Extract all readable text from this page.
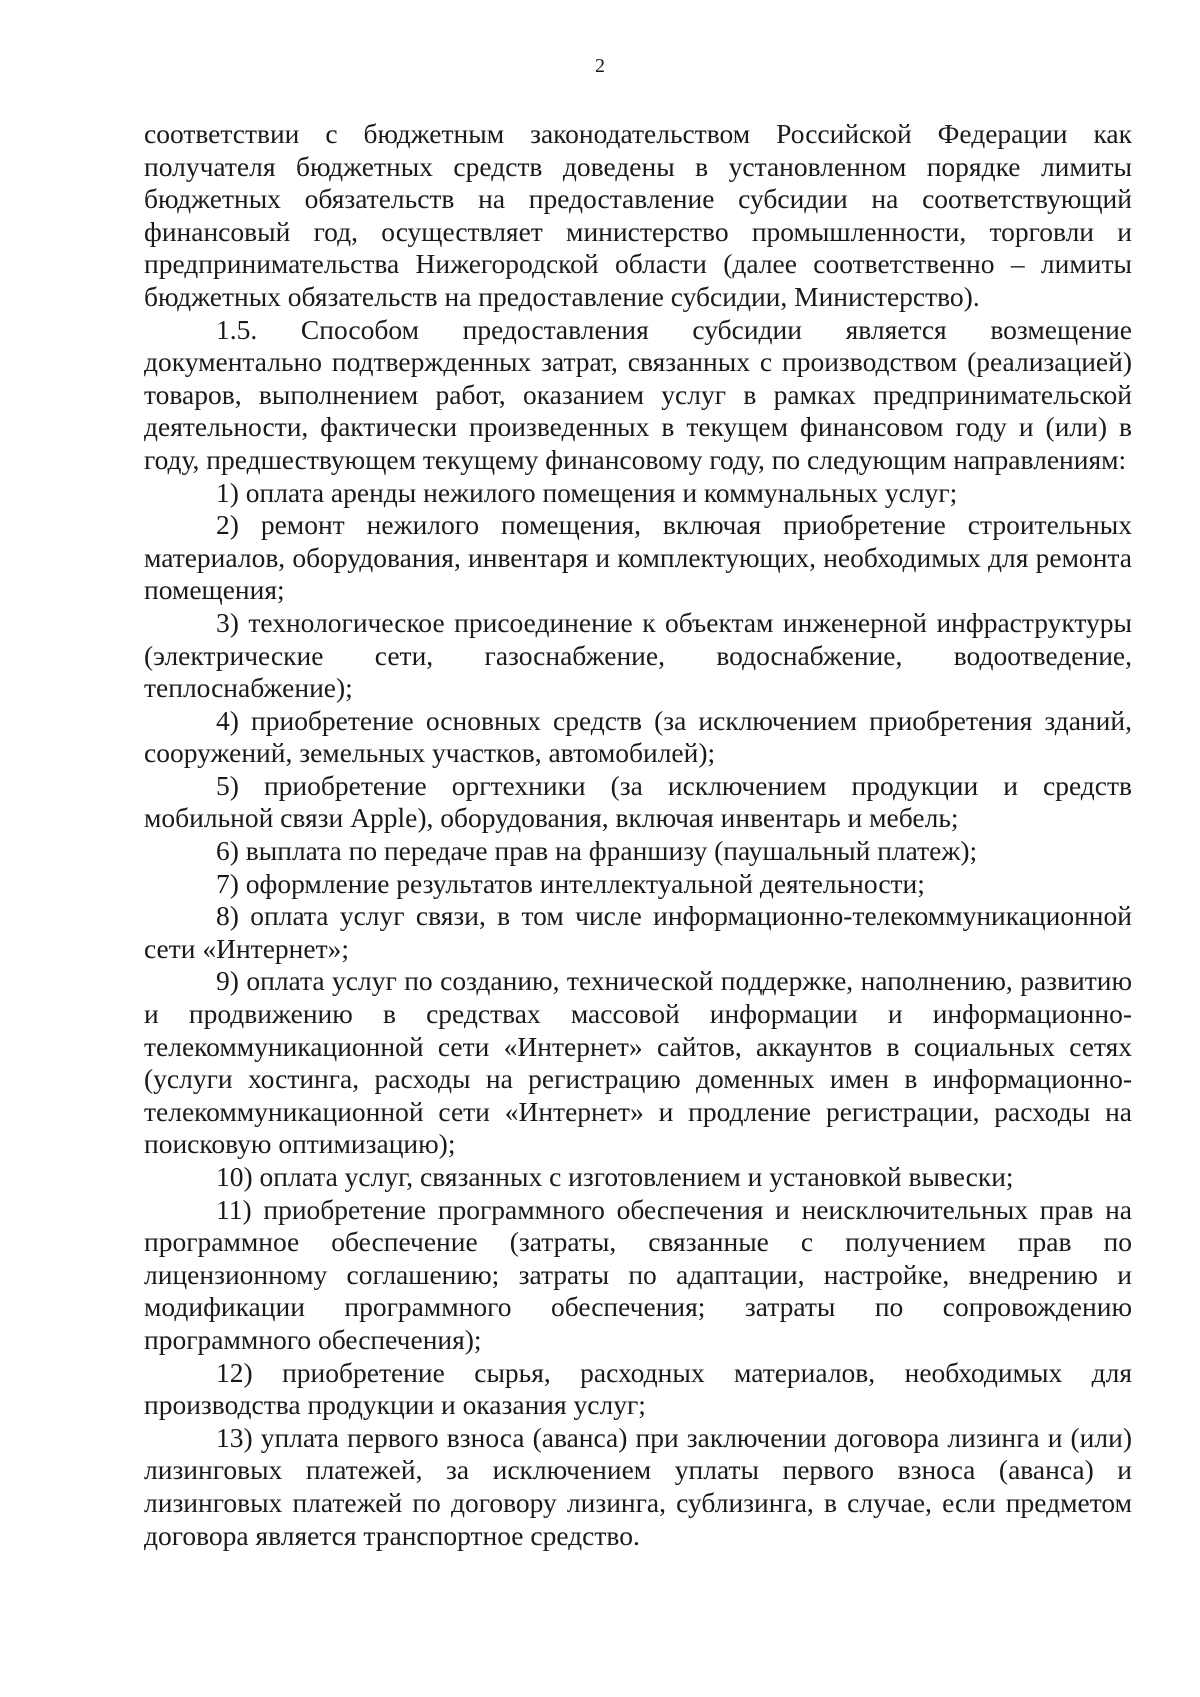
2

соответствии с бюджетным законодательством Российской Федерации как получателя бюджетных средств доведены в установленном порядке лимиты бюджетных обязательств на предоставление субсидии на соответствующий финансовый год, осуществляет министерство промышленности, торговли и предпринимательства Нижегородской области (далее соответственно – лимиты бюджетных обязательств на предоставление субсидии, Министерство).

1.5. Способом предоставления субсидии является возмещение документально подтвержденных затрат, связанных с производством (реализацией) товаров, выполнением работ, оказанием услуг в рамках предпринимательской деятельности, фактически произведенных в текущем финансовом году и (или) в году, предшествующем текущему финансовому году, по следующим направлениям:

1) оплата аренды нежилого помещения и коммунальных услуг;

2) ремонт нежилого помещения, включая приобретение строительных материалов, оборудования, инвентаря и комплектующих, необходимых для ремонта помещения;

3) технологическое присоединение к объектам инженерной инфраструктуры (электрические сети, газоснабжение, водоснабжение, водоотведение, теплоснабжение);

4) приобретение основных средств (за исключением приобретения зданий, сооружений, земельных участков, автомобилей);

5) приобретение оргтехники (за исключением продукции и средств мобильной связи Apple), оборудования, включая инвентарь и мебель;

6) выплата по передаче прав на франшизу (паушальный платеж);

7) оформление результатов интеллектуальной деятельности;

8) оплата услуг связи, в том числе информационно-телекоммуникационной сети «Интернет»;

9) оплата услуг по созданию, технической поддержке, наполнению, развитию и продвижению в средствах массовой информации и информационно-телекоммуникационной сети «Интернет» сайтов, аккаунтов в социальных сетях (услуги хостинга, расходы на регистрацию доменных имен в информационно-телекоммуникационной сети «Интернет» и продление регистрации, расходы на поисковую оптимизацию);

10) оплата услуг, связанных с изготовлением и установкой вывески;

11) приобретение программного обеспечения и неисключительных прав на программное обеспечение (затраты, связанные с получением прав по лицензионному соглашению; затраты по адаптации, настройке, внедрению и модификации программного обеспечения; затраты по сопровождению программного обеспечения);

12) приобретение сырья, расходных материалов, необходимых для производства продукции и оказания услуг;

13) уплата первого взноса (аванса) при заключении договора лизинга и (или) лизинговых платежей, за исключением уплаты первого взноса (аванса) и лизинговых платежей по договору лизинга, сублизинга, в случае, если предметом договора является транспортное средство.
